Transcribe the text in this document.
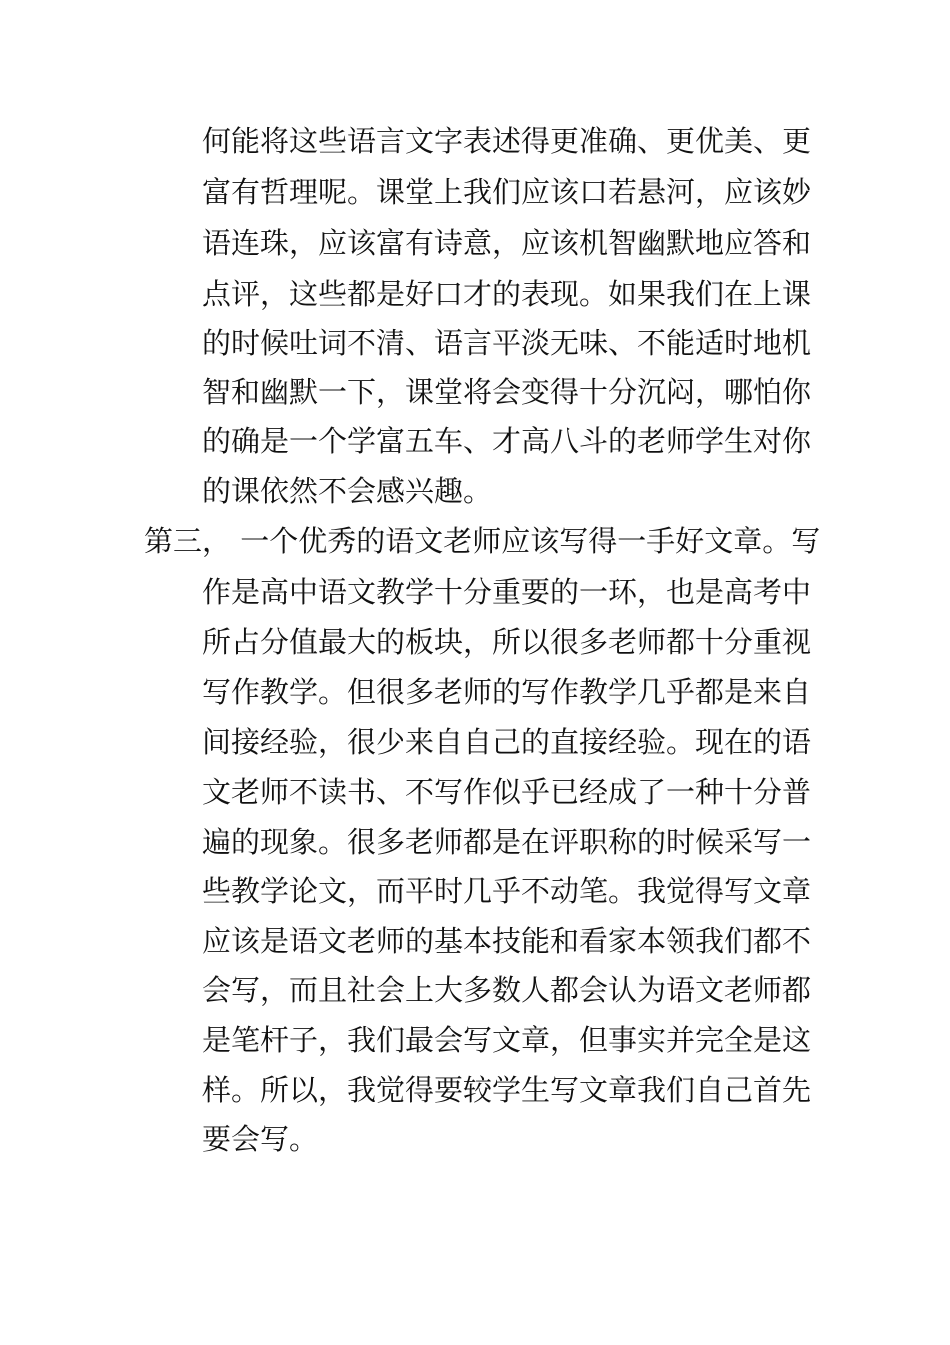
何能将这些语言文字表述得更准确、更优美、更
富有哲理呢。课堂上我们应该口若悬河，应该妙
语连珠，应该富有诗意，应该机智幽默地应答和
点评，这些都是好口才的表现。如果我们在上课
的时候吐词不清、语言平淡无味、不能适时地机
智和幽默一下，课堂将会变得十分沉闷，哪怕你
的确是一个学富五车、才高八斗的老师学生对你
的课依然不会感兴趣。
第三， 一个优秀的语文老师应该写得一手好文章。写
作是高中语文教学十分重要的一环，也是高考中
所占分值最大的板块，所以很多老师都十分重视
写作教学。但很多老师的写作教学几乎都是来自
间接经验，很少来自自己的直接经验。现在的语
文老师不读书、不写作似乎已经成了一种十分普
遍的现象。很多老师都是在评职称的时候采写一
些教学论文，而平时几乎不动笔。我觉得写文章
应该是语文老师的基本技能和看家本领我们都不
会写，而且社会上大多数人都会认为语文老师都
是笔杆子，我们最会写文章，但事实并完全是这
样。所以，我觉得要较学生写文章我们自己首先
要会写。
